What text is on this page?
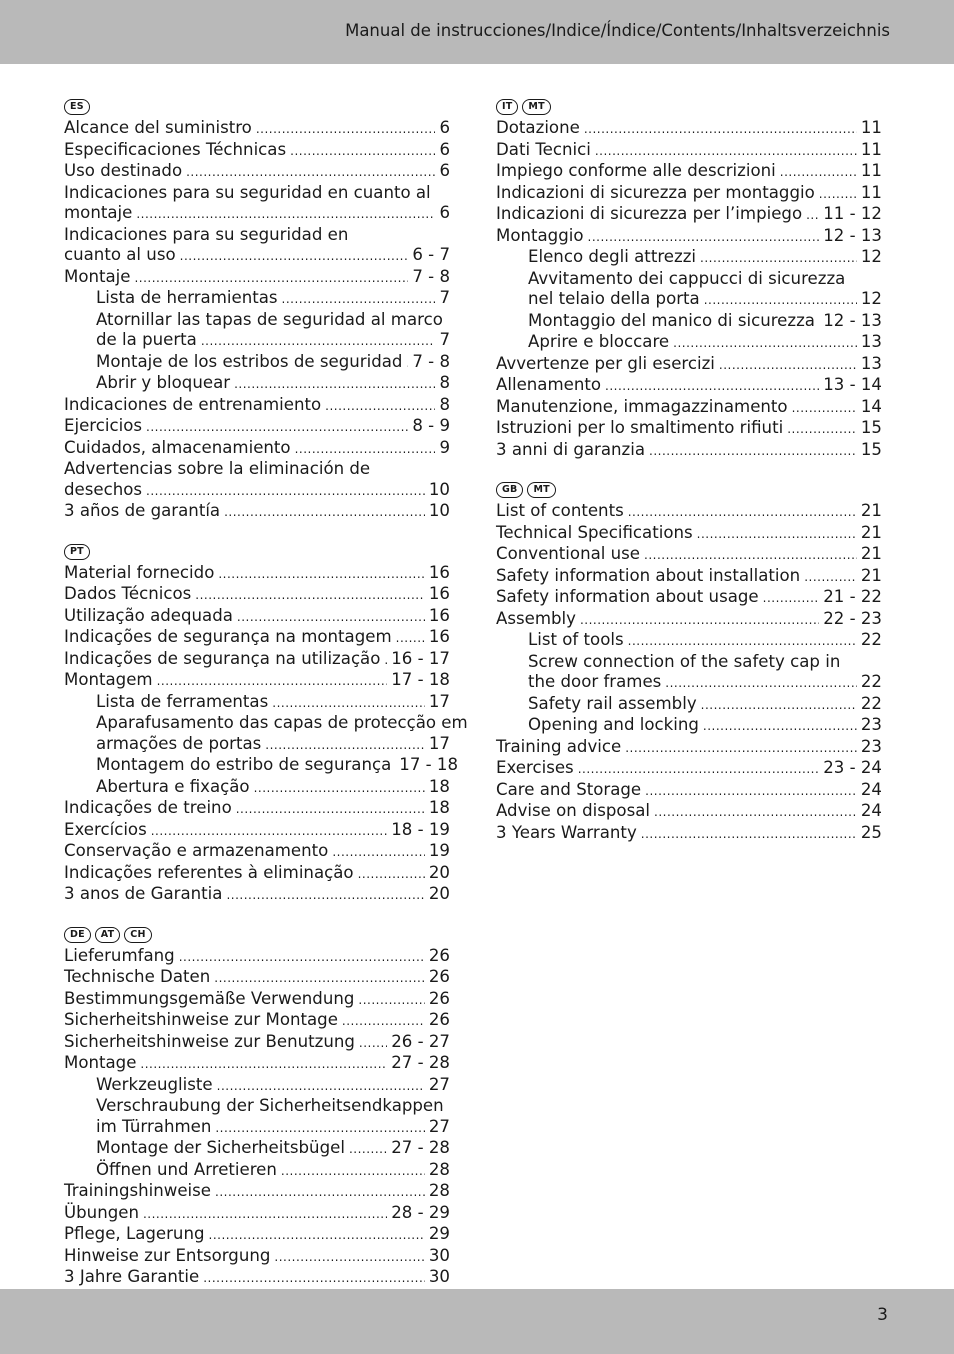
Manual de instrucciones/Indice/Índice/Contents/Inhaltsverzeichnis
ES
Alcance del suministro .....	6
Especificaciones Téchnicas .....	6
Uso destinado .....	6
Indicaciones para su seguridad en cuanto al
montaje .....	6
Indicaciones para su seguridad en
cuanto al uso .....	6 - 7
Montaje .....	7 - 8
Lista de herramientas .....	7
Atornillar las tapas de seguridad al marco
de la puerta .....	7
Montaje de los estribos de seguridad ..... 7 - 8
Abrir y bloquear .....	8
Indicaciones de entrenamiento .....	8
Ejercicios .....	8 - 9
Cuidados, almacenamiento .....	9
Advertencias sobre la eliminación de
desechos .....	10
3 años de garantía .....	10
PT
Material fornecido .....	16
Dados Técnicos .....	16
Utilização adequada .....	16
Indicações de segurança na montagem ..... 16
Indicações de segurança na utilização ..... 16 - 17
Montagem .....	17 - 18
Lista de ferramentas .....	17
Aparafusamento das capas de protecção em
armações de portas .....	17
Montagem do estribo de segurança 17 - 18
Abertura e fixação .....	18
Indicações de treino .....	18
Exercícios .....	18 - 19
Conservação e armazenamento .....	19
Indicações referentes à eliminação .....	20
3 anos de Garantia .....	20
DE	AT	CH
Lieferumfang .....	26
Technische Daten .....	26
Bestimmungsgemäße Verwendung .....	26
Sicherheitshinweise zur Montage .....	26
Sicherheitshinweise zur Benutzung ..... 26 - 27
Montage .....	27 - 28
Werkzeugliste .....	27
Verschraubung der Sicherheitsendkappen
im Türrahmen .....	27
Montage der Sicherheitsbügel .....	27 - 28
Öffnen und Arretieren .....	28
Trainingshinweise .....	28
Übungen .....	28 - 29
Pflege, Lagerung .....	29
Hinweise zur Entsorgung .....	30
3 Jahre Garantie .....	30
IT	MT
Dotazione .....	11
Dati Tecnici .....	11
Impiego conforme alle descrizioni .....	11
Indicazioni di sicurezza per montaggio .....	11
Indicazioni di sicurezza per l’impiego ..... 11 - 12
Montaggio .....	12 - 13
Elenco degli attrezzi .....	12
Avvitamento dei cappucci di sicurezza
nel telaio della porta .....	12
Montaggio del manico di sicurezza ..... 12 - 13
Aprire e bloccare .....	13
Avvertenze per gli esercizi .....	13
Allenamento .....	13 - 14
Manutenzione, immagazzinamento .....	14
Istruzioni per lo smaltimento rifiuti .....	15
3 anni di garanzia .....	15
GB	MT
List of contents .....	21
Technical Specifications .....	21
Conventional use .....	21
Safety information about installation .....	21
Safety information about usage .....	21 - 22
Assembly .....	22 - 23
List of tools .....	22
Screw connection of the safety cap in
the door frames .....	22
Safety rail assembly .....	22
Opening and locking .....	23
Training advice .....	23
Exercises .....	23 - 24
Care and Storage .....	24
Advise on disposal .....	24
3 Years Warranty .....	25
3
